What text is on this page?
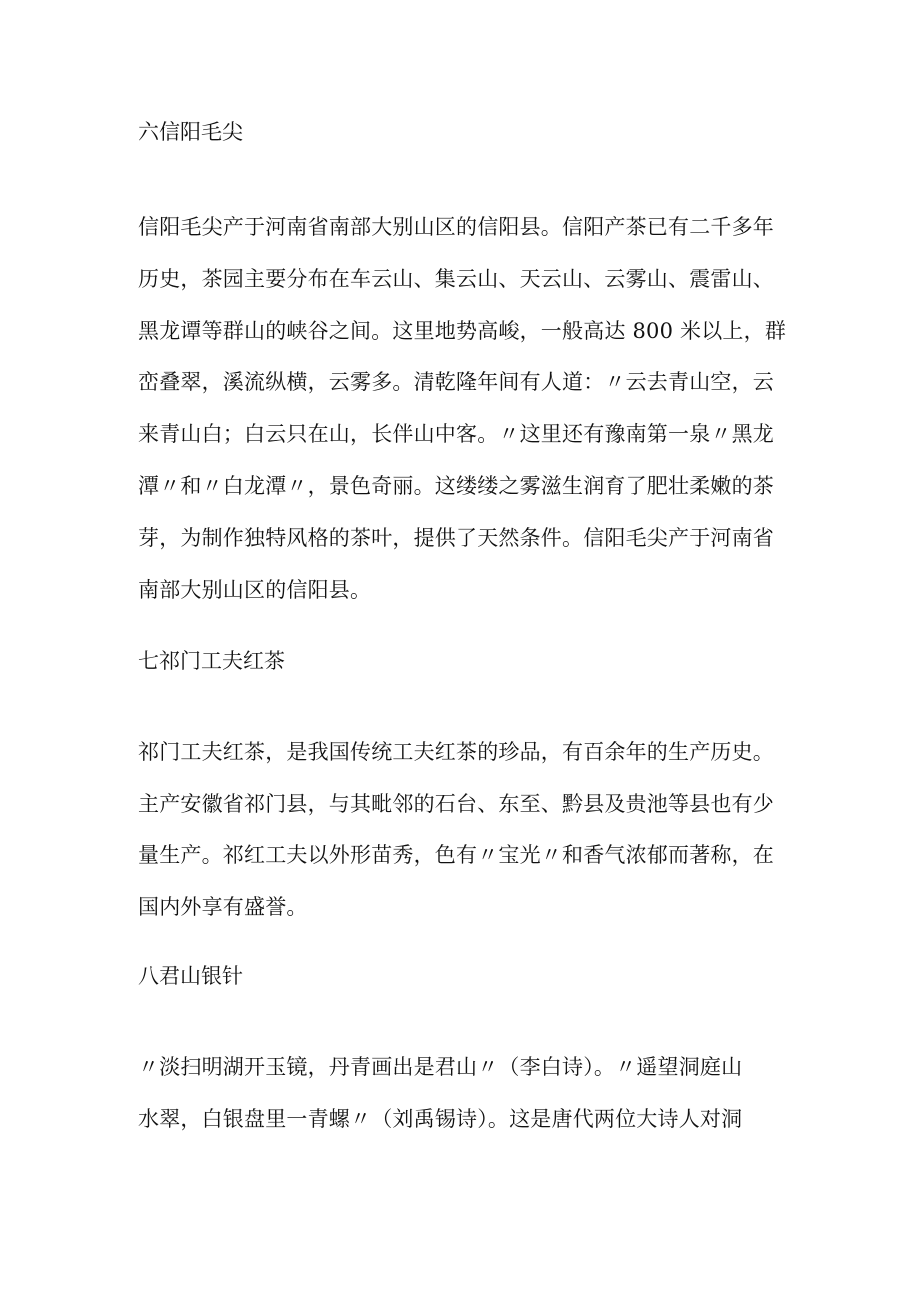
六信阳毛尖
信阳毛尖产于河南省南部大别山区的信阳县。信阳产茶已有二千多年
历史，茶园主要分布在车云山、集云山、天云山、云雾山、震雷山、
黑龙谭等群山的峡谷之间。这里地势高峻，一般高达 800 米以上，群
峦叠翠，溪流纵横，云雾多。清乾隆年间有人道：〃云去青山空，云
来青山白；白云只在山，长伴山中客。〃这里还有豫南第一泉〃黑龙
潭〃和〃白龙潭〃，景色奇丽。这缕缕之雾滋生润育了肥壮柔嫩的茶
芽，为制作独特风格的茶叶，提供了天然条件。信阳毛尖产于河南省
南部大别山区的信阳县。
七祁门工夫红茶
祁门工夫红茶，是我国传统工夫红茶的珍品，有百余年的生产历史。
主产安徽省祁门县，与其毗邻的石台、东至、黔县及贵池等县也有少
量生产。祁红工夫以外形苗秀，色有〃宝光〃和香气浓郁而著称，在
国内外享有盛誉。
八君山银针
〃淡扫明湖开玉镜，丹青画出是君山〃（李白诗）。〃遥望洞庭山
水翠，白银盘里一青螺〃（刘禹锡诗）。这是唐代两位大诗人对洞
